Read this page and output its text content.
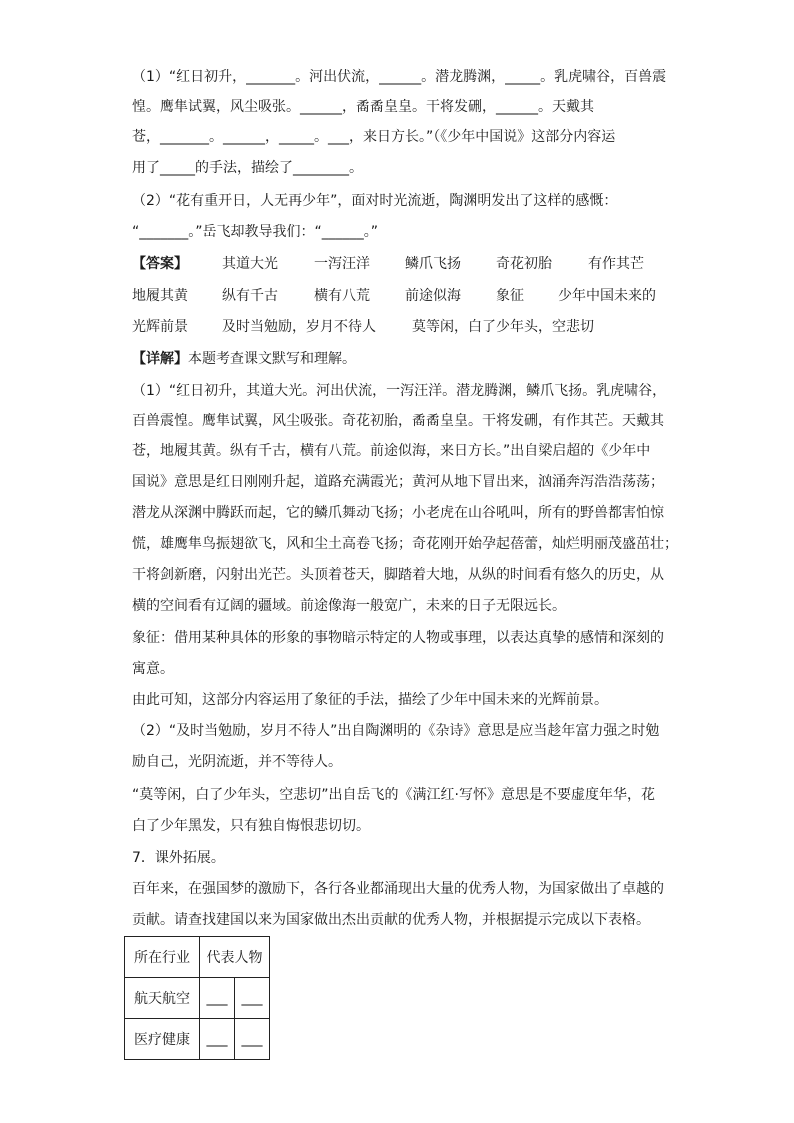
（1）“红日初升，_______。河出伏流，______。潜龙腾渊，_____。乳虎啸谷，百兽震
惶。鹰隼试翼，风尘吸张。______，矞矞皇皇。干将发硎，______。天戴其
苍，_______。______，_____。___，来日方长。”（《少年中国说》这部分内容运
用了_____的手法，描绘了________。
（2）“花有重开日，人无再少年”，面对时光流逝，陶渊明发出了这样的感慨：
“_______。”岳飞却教导我们：“______。”
【答案】 其道大光	一泻汪洋	鳞爪飞扬	奇花初胎	有作其芒
地履其黄 纵有千古	横有八荒	前途似海	象征 少年中国未来的
光辉前景 及时当勉励，岁月不待人	莫等闲，白了少年头，空悲切
【详解】本题考查课文默写和理解。
（1）“红日初升，其道大光。河出伏流，一泻汪洋。潜龙腾渊，鳞爪飞扬。乳虎啸谷，
百兽震惶。鹰隼试翼，风尘吸张。奇花初胎，矞矞皇皇。干将发硎，有作其芒。天戴其
苍，地履其黄。纵有千古，横有八荒。前途似海，来日方长。”出自梁启超的《少年中
国说》意思是红日刚刚升起，道路充满霞光；黄河从地下冒出来，汹涌奔泻浩浩荡荡；
潜龙从深渊中腾跃而起，它的鳞爪舞动飞扬；小老虎在山谷吼叫，所有的野兽都害怕惊
慌，雄鹰隼鸟振翅欲飞，风和尘土高卷飞扬；奇花刚开始孕起蓓蕾，灿烂明丽茂盛茁壮；
干将剑新磨，闪射出光芒。头顶着苍天，脚踏着大地，从纵的时间看有悠久的历史，从
横的空间看有辽阔的疆域。前途像海一般宽广，未来的日子无限远长。
象征：借用某种具体的形象的事物暗示特定的人物或事理，以表达真挚的感情和深刻的
寓意。
由此可知，这部分内容运用了象征的手法，描绘了少年中国未来的光辉前景。
（2）“及时当勉励，岁月不待人”出自陶渊明的《杂诗》意思是应当趁年富力强之时勉
励自己，光阴流逝，并不等待人。
“莫等闲，白了少年头，空悲切”出自岳飞的《满江红·写怀》意思是不要虚度年华，花
白了少年黑发，只有独自悔恨悲切切。
7．课外拓展。
百年来，在强国梦的激励下，各行各业都涌现出大量的优秀人物，为国家做出了卓越的
贡献。请查找建国以来为国家做出杰出贡献的优秀人物，并根据提示完成以下表格。
所在行业	代表人物	
航天航空	___	___
医疗健康	___	___
